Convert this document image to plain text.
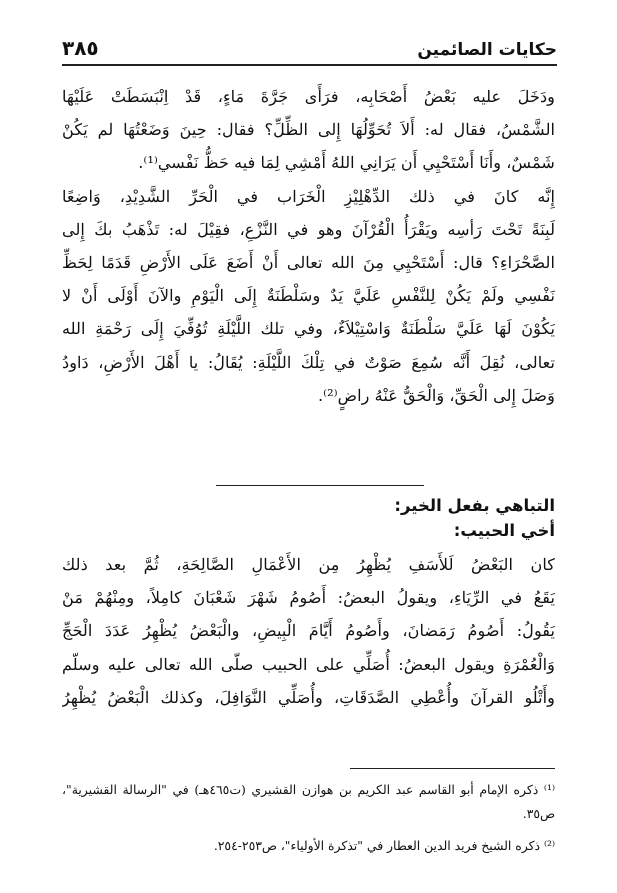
حكايات الصائمين
٣٨٥
ودَخَلَ عليه بَعْضُ أَصْحَابِه، فرَأَى جَرَّةَ مَاءٍ، قَدْ اِنْبَسَطَتْ عَلَيْهَا
الشَّمْسُ، فقال له: أَلاَ تُحَوِّلُهَا إِلى الظِّلِّ؟ فقال: حِينَ وَضَعْتُهَا لم يَكُنْ
شَمْسٌ، وأَنَا أَسْتَحْيِي أَن يَرَانِي اللهُ أَمْشِي لِمَا فيه حَظُّ نَفْسي⁽¹⁾.
إِنَّه كانَ في ذلك الدِّهْلِيْزِ الْخَرَاب في الْحَرِّ الشَّدِيْدِ، وَاضِعًا
لَبِنَةً تَحْتَ رَأسِه ويَقْرَأُ الْقُرْآنَ وهو في النَّزْعِ، فقِيْلَ له: تَذْهَبُ بكَ إِلى
الصَّحْرَاءِ؟ قال: أَسْتَحْيِي مِنَ الله تعالى أَنْ أَضَعَ عَلَى الأَرْضِ قَدَمًا لِحَظِّ
نَفْسِي ولَمْ يَكُنْ لِلنَّفْسِ عَلَيَّ يَدٌ وسَلْطَنَةٌ إِلَى الْيَوْمِ والآنَ أَوْلَى أَنْ لا
يَكُوْنَ لَهَا عَلَيَّ سَلْطَنَةٌ وَاسْتِيْلاَءٌ، وفي تلك اللَّيْلَةِ تُوُفِّيَ إِلَى رَحْمَةِ الله
تعالى، نُقِلَ أَنَّه سُمِعَ صَوْتٌ في تِلْكَ اللَّيْلَةِ: يُقَالُ: يا أَهْلَ الأَرْضِ، دَاودُ
وَصَلَ إِلى الْحَقِّ، وَالْحَقُّ عَنْهُ راضٍ⁽²⁾.
التباهي بفعل الخير:
أخي الحبيب:
كان البَعْضُ لَلأَسَفِ يُظْهِرُ مِن الأَعْمَالِ الصَّالِحَةِ، ثُمَّ بعد ذلك
يَقَعُ في الرِّيَاءِ، ويقولُ البعضُ: أَصُومُ شَهْرَ شَعْبَانَ كامِلاً، ومِنْهُمْ مَنْ
يَقُولُ: أَصُومُ رَمَضانَ، وأَصُومُ أَيَّامَ الْبِيضِ، والْبَعْضُ يُظْهِرُ عَدَدَ الْحَجِّ
وَالْعُمْرَةِ ويقول البعضُ: أُصَلِّي على الحبيب صلّى الله تعالى عليه وسلّم
وأَتْلُو القرآنَ وأُعْطِي الصَّدَقَاتِ، وأُصَلِّي النَّوَافِلَ، وكذلك الْبَعْضُ يُظْهِرُ
⁽¹⁾ ذكره الإمام أبو القاسم عبد الكريم بن هوازن القشيري (ت٤٦٥هـ) في "الرسالة القشيرية"،
ص٣٥.
⁽²⁾ ذكره الشيخ فريد الدين العطار في "تذكرة الأولياء"، ص٢٥٣-٢٥٤.
